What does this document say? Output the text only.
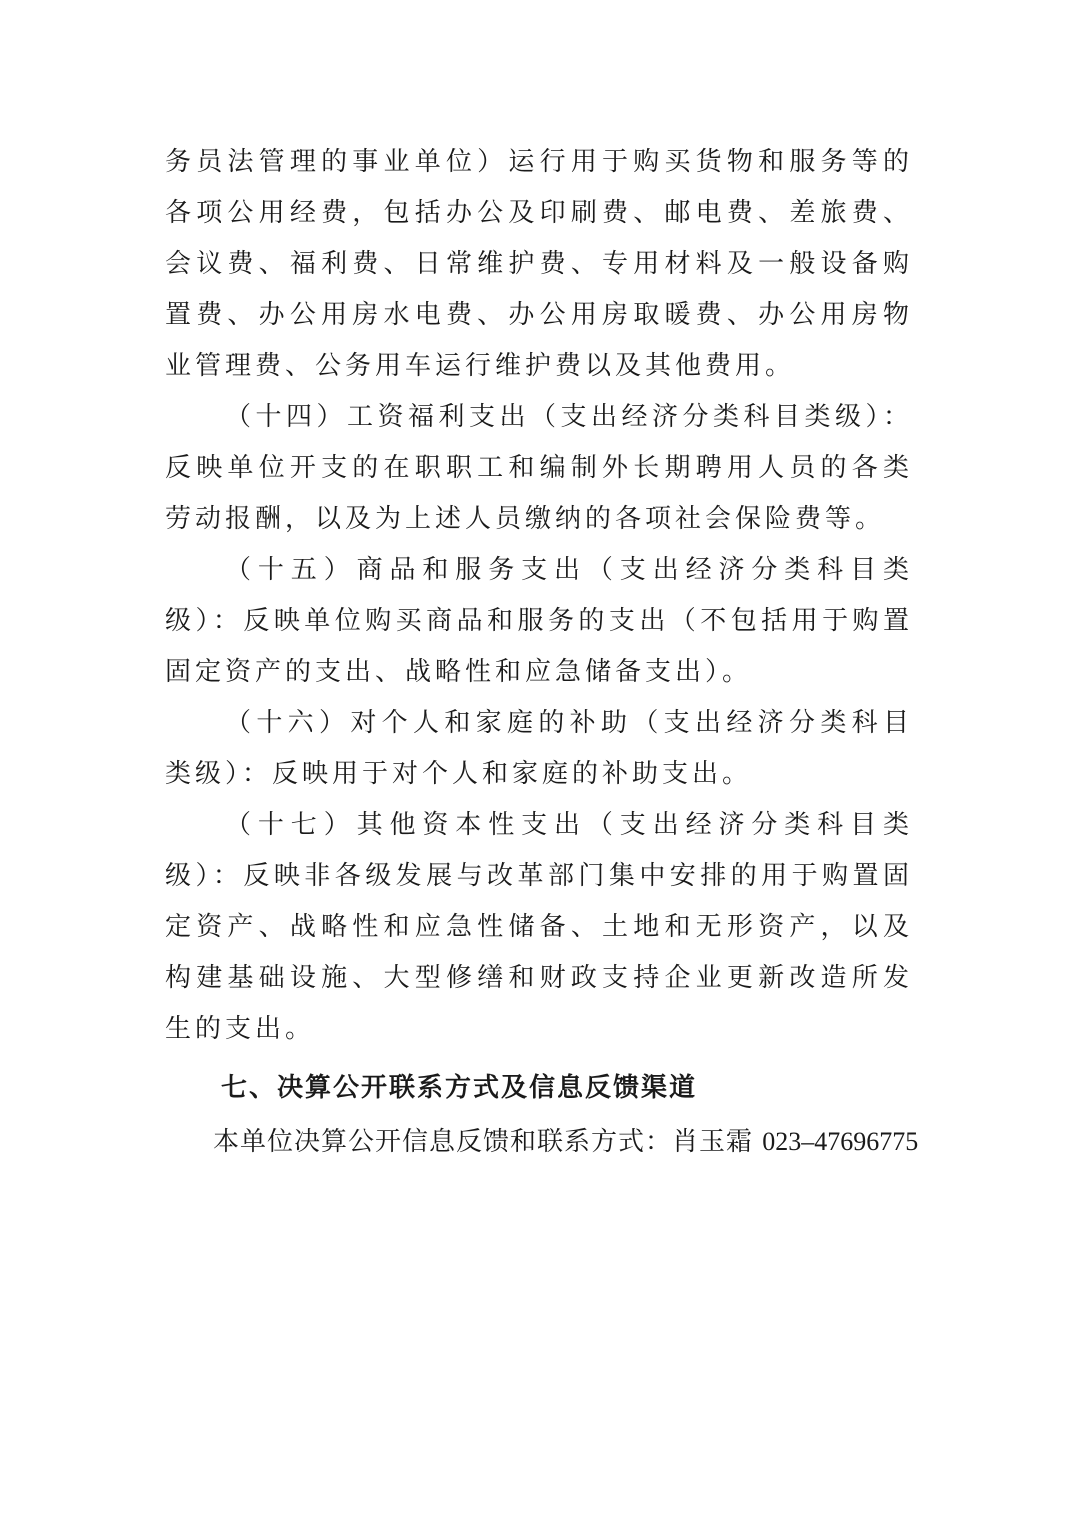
务员法管理的事业单位）运行用于购买货物和服务等的各项公用经费，包括办公及印刷费、邮电费、差旅费、会议费、福利费、日常维护费、专用材料及一般设备购置费、办公用房水电费、办公用房取暖费、办公用房物业管理费、公务用车运行维护费以及其他费用。

（十四）工资福利支出（支出经济分类科目类级）：反映单位开支的在职职工和编制外长期聘用人员的各类劳动报酬，以及为上述人员缴纳的各项社会保险费等。

（十五）商品和服务支出（支出经济分类科目类级）：反映单位购买商品和服务的支出（不包括用于购置固定资产的支出、战略性和应急储备支出）。

（十六）对个人和家庭的补助（支出经济分类科目类级）：反映用于对个人和家庭的补助支出。

（十七）其他资本性支出（支出经济分类科目类级）：反映非各级发展与改革部门集中安排的用于购置固定资产、战略性和应急性储备、土地和无形资产，以及构建基础设施、大型修缮和财政支持企业更新改造所发生的支出。

七、决算公开联系方式及信息反馈渠道

本单位决算公开信息反馈和联系方式：肖玉霜 023–47696775
